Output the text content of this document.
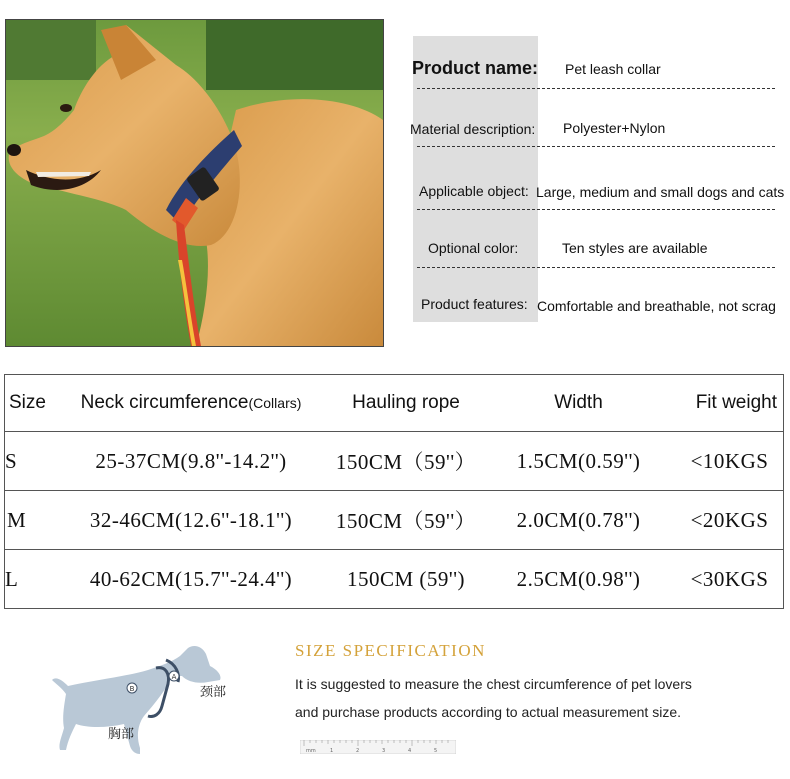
Product name: Pet leash collar
Material description: Polyester+Nylon
Applicable object: Large, medium and small dogs and cats
Optional color:	Ten styles are available
Product features: Comfortable and breathable, not scrag
Size	Neck circumference(Collars)	Hauling rope	Width	Fit weight
S	25-37CM(9.8''-14.2'')	150CM（59''）	1.5CM(0.59'')	<10KGS
M	32-46CM(12.6''-18.1'')	150CM（59''）	2.0CM(0.78'')	<20KGS
L	40-62CM(15.7''-24.4'')	150CM (59'')	2.5CM(0.98'')	<30KGS
B
A
颈部
胸部
SIZE SPECIFICATION
It is suggested to measure the chest circumference of pet lovers
and purchase products according to actual measurement size.
mm	1	2	3	4	5
